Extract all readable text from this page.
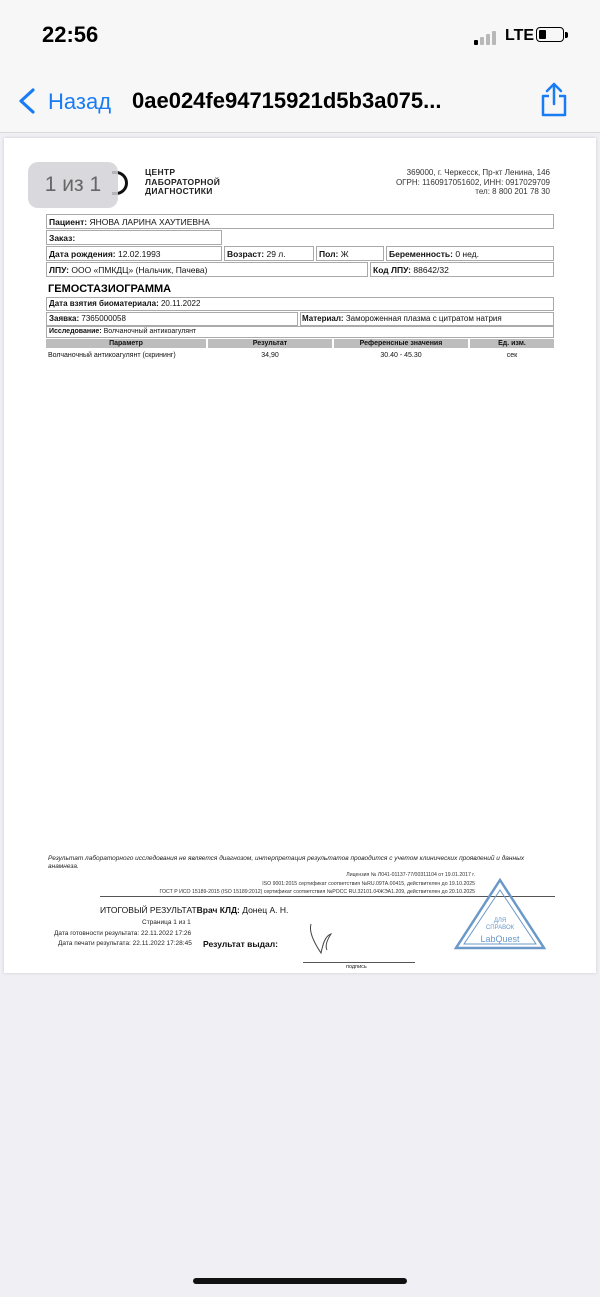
22:56	LTE
Назад 0ae024fe94715921d5b3a075...
ЦЕНТР
ЛАБОРАТОРНОЙ
ДИАГНОСТИКИ
369000, г. Черкесск, Пр-кт Ленина, 146
ОГРН: 1160917051602, ИНН: 0917029709
тел: 8 800 201 78 30
Пациент: ЯНОВА ЛАРИНА ХАУТИЕВНА
Заказ:
Дата рождения: 12.02.1993	Возраст: 29 л.	Пол: Ж	Беременность: 0 нед.
ЛПУ: ООО «ПМКДЦ» (Нальчик, Пачева)	Код ЛПУ: 88642/32
ГЕМОСТАЗИОГРАММА
Дата взятия биоматериала: 20.11.2022
Заявка: 7365000058	Материал: Замороженная плазма с цитратом натрия
Исследование: Волчаночный антикоагулянт
Параметр	Результат	Референсные значения	Ед. изм.
Волчаночный антикоагулянт (скрининг)	34,90	30.40 - 45.30	сек
Результат лабораторного исследования не является диагнозом, интерпретация результатов проводится с учетом клинических проявлений и данных анамнеза.
Лицензия № Л041-01137-77/00311104 от 19.01.2017 г.
ISO 9001:2015 сертификат соответствия №RU.09ТА.00415, действителен до 19.10.2025
ГОСТ Р ИСО 15189-2015 (ISO 15189:2012) сертификат соответствия №РОСС RU.32101.04ЖЭА1.209, действителен до 20.10.2025
ИТОГОВЫЙ РЕЗУЛЬТАТВрач КЛД: Донец А. Н.
Страница 1 из 1
Дата готовности результата: 22.11.2022 17:26
Дата печати результата: 22.11.2022 17:28:45 Результат выдал:
подпись
ДЛЯ
СПРАВОК
LabQuest
1 из 1
